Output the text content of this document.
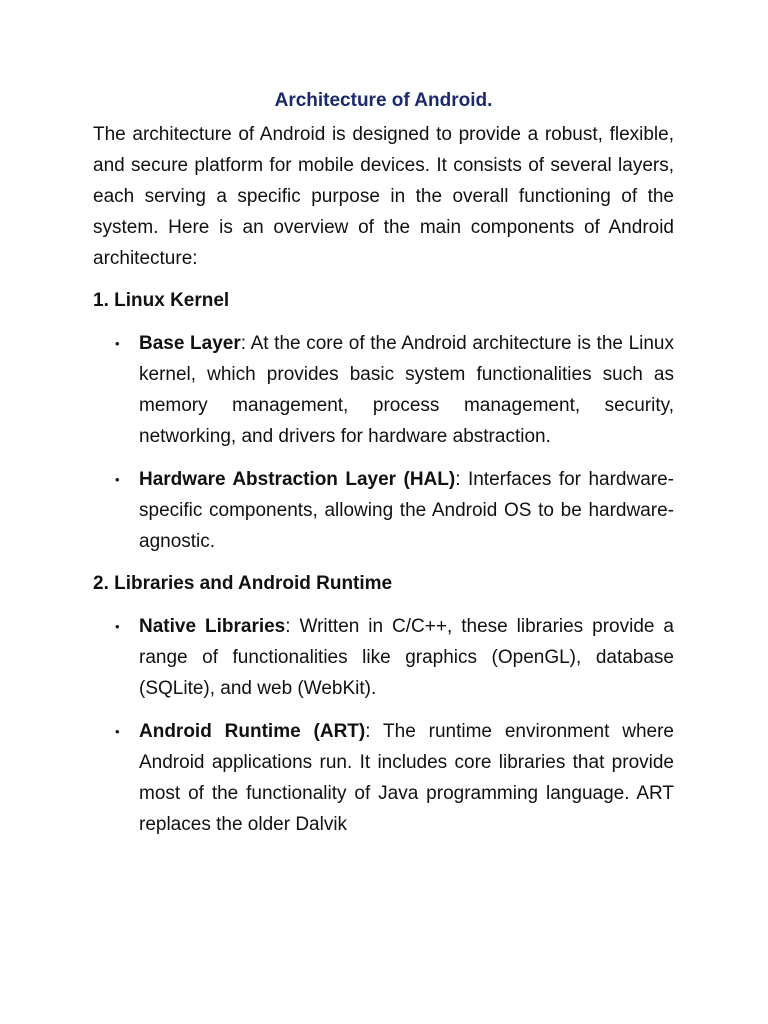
Architecture of Android.

The architecture of Android is designed to provide a robust, flexible, and secure platform for mobile devices. It consists of several layers, each serving a specific purpose in the overall functioning of the system. Here is an overview of the main components of Android architecture:

1. Linux Kernel
• Base Layer: At the core of the Android architecture is the Linux kernel, which provides basic system functionalities such as memory management, process management, security, networking, and drivers for hardware abstraction.
• Hardware Abstraction Layer (HAL): Interfaces for hardware-specific components, allowing the Android OS to be hardware-agnostic.
2. Libraries and Android Runtime
• Native Libraries: Written in C/C++, these libraries provide a range of functionalities like graphics (OpenGL), database (SQLite), and web (WebKit).
• Android Runtime (ART): The runtime environment where Android applications run. It includes core libraries that provide most of the functionality of Java programming language. ART replaces the older Dalvik
